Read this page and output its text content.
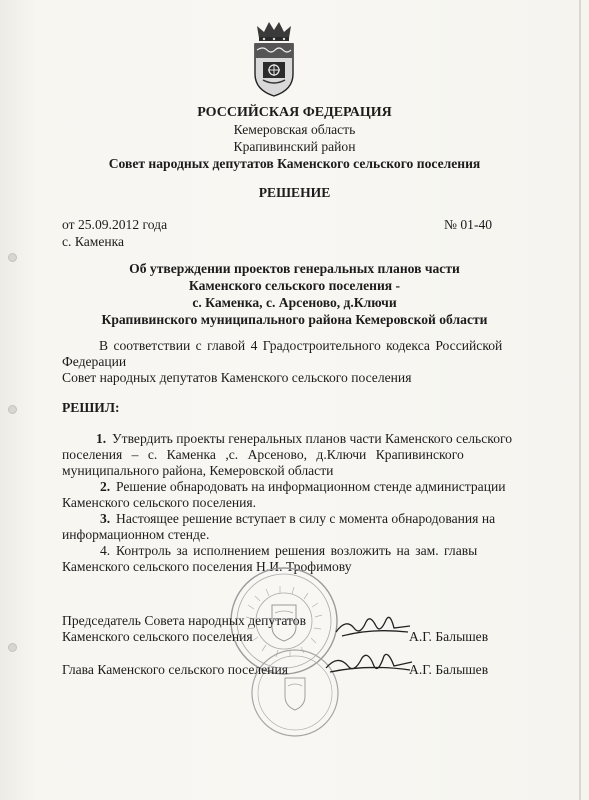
РОССИЙСКАЯ ФЕДЕРАЦИЯ
Кемеровская область
Крапивинский район
Совет народных депутатов Каменского сельского поселения
РЕШЕНИЕ
от 25.09.2012 года	№ 01-40
с. Каменка
Об утверждении проектов генеральных планов части
Каменского сельского поселения -
с. Каменка, с. Арсеново, д.Ключи
Крапивинского муниципального района Кемеровской области
В соответствии с главой 4 Градостроительного кодекса Российской
Федерации
Совет народных депутатов Каменского сельского поселения
РЕШИЛ:
1. Утвердить проекты генеральных планов части Каменского сельского
поселения – с. Каменка ,с. Арсеново, д.Ключи Крапивинского
муниципального района, Кемеровской области
2. Решение обнародовать на информационном стенде администрации
Каменского сельского поселения.
3. Настоящее решение вступает в силу с момента обнародования на
информационном стенде.
4. Контроль за исполнением решения возложить на зам. главы
Каменского сельского поселения Н.И. Трофимову
Председатель Совета народных депутатов
Каменского сельского поселения	А.Г. Балышев
Глава Каменского сельского поселения	А.Г. Балышев
